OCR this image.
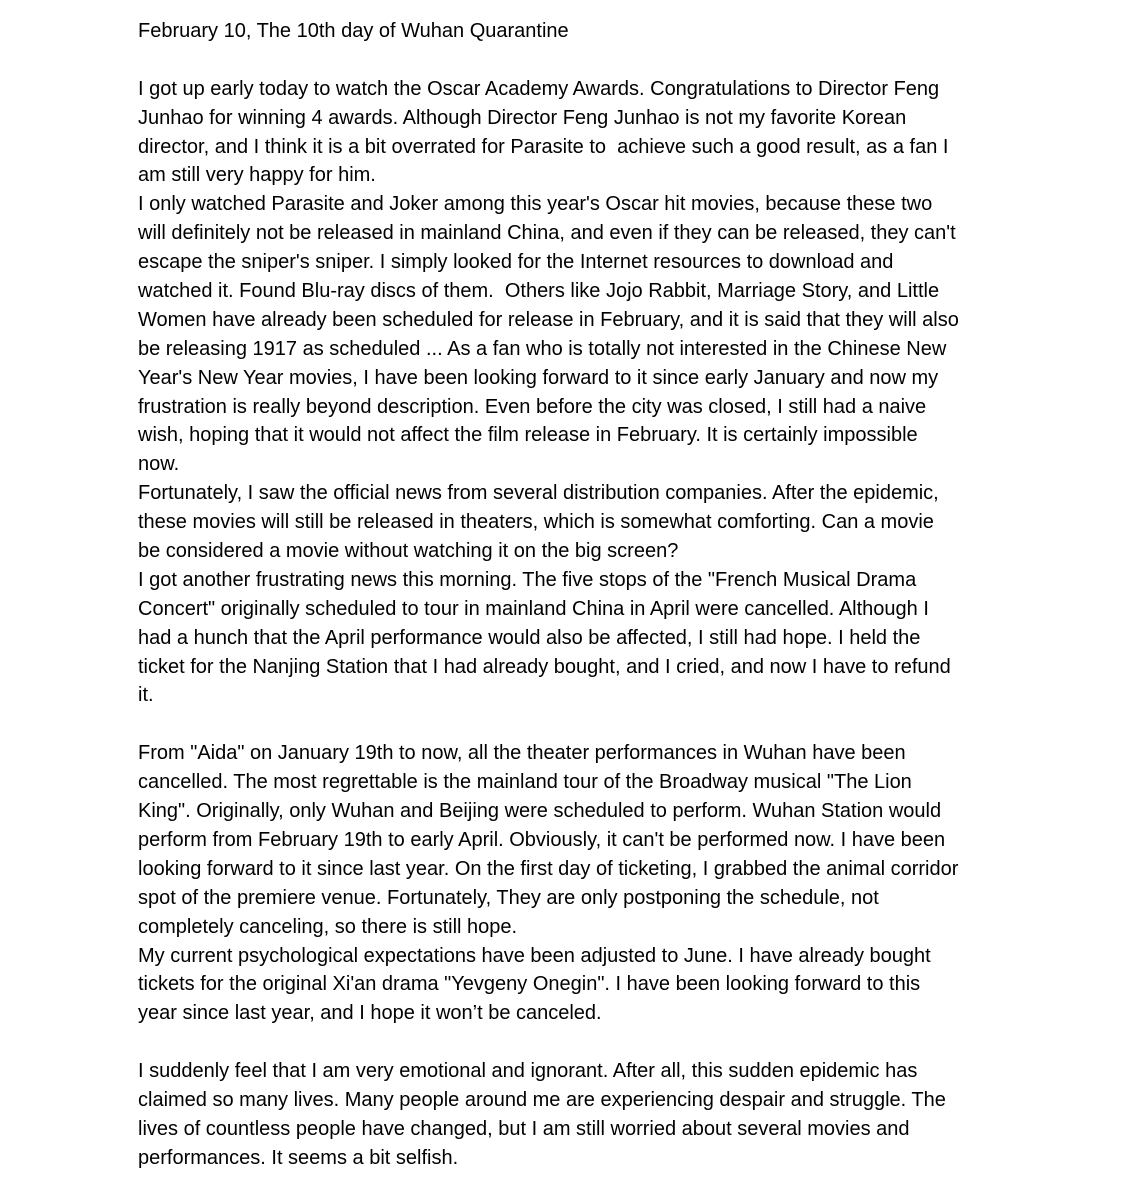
February 10, The 10th day of Wuhan Quarantine
I got up early today to watch the Oscar Academy Awards. Congratulations to Director Feng
Junhao for winning 4 awards. Although Director Feng Junhao is not my favorite Korean
director, and I think it is a bit overrated for Parasite to  achieve such a good result, as a fan I
am still very happy for him.
I only watched Parasite and Joker among this year's Oscar hit movies, because these two
will definitely not be released in mainland China, and even if they can be released, they can't
escape the sniper's sniper. I simply looked for the Internet resources to download and
watched it. Found Blu-ray discs of them.  Others like Jojo Rabbit, Marriage Story, and Little
Women have already been scheduled for release in February, and it is said that they will also
be releasing 1917 as scheduled ... As a fan who is totally not interested in the Chinese New
Year's New Year movies, I have been looking forward to it since early January and now my
frustration is really beyond description. Even before the city was closed, I still had a naive
wish, hoping that it would not affect the film release in February. It is certainly impossible
now.
Fortunately, I saw the official news from several distribution companies. After the epidemic,
these movies will still be released in theaters, which is somewhat comforting. Can a movie
be considered a movie without watching it on the big screen?
I got another frustrating news this morning. The five stops of the "French Musical Drama
Concert" originally scheduled to tour in mainland China in April were cancelled. Although I
had a hunch that the April performance would also be affected, I still had hope. I held the
ticket for the Nanjing Station that I had already bought, and I cried, and now I have to refund
it.
From "Aida" on January 19th to now, all the theater performances in Wuhan have been
cancelled. The most regrettable is the mainland tour of the Broadway musical "The Lion
King". Originally, only Wuhan and Beijing were scheduled to perform. Wuhan Station would
perform from February 19th to early April. Obviously, it can't be performed now. I have been
looking forward to it since last year. On the first day of ticketing, I grabbed the animal corridor
spot of the premiere venue. Fortunately, They are only postponing the schedule, not
completely canceling, so there is still hope.
My current psychological expectations have been adjusted to June. I have already bought
tickets for the original Xi'an drama "Yevgeny Onegin". I have been looking forward to this
year since last year, and I hope it won’t be canceled.
I suddenly feel that I am very emotional and ignorant. After all, this sudden epidemic has
claimed so many lives. Many people around me are experiencing despair and struggle. The
lives of countless people have changed, but I am still worried about several movies and
performances. It seems a bit selfish.
